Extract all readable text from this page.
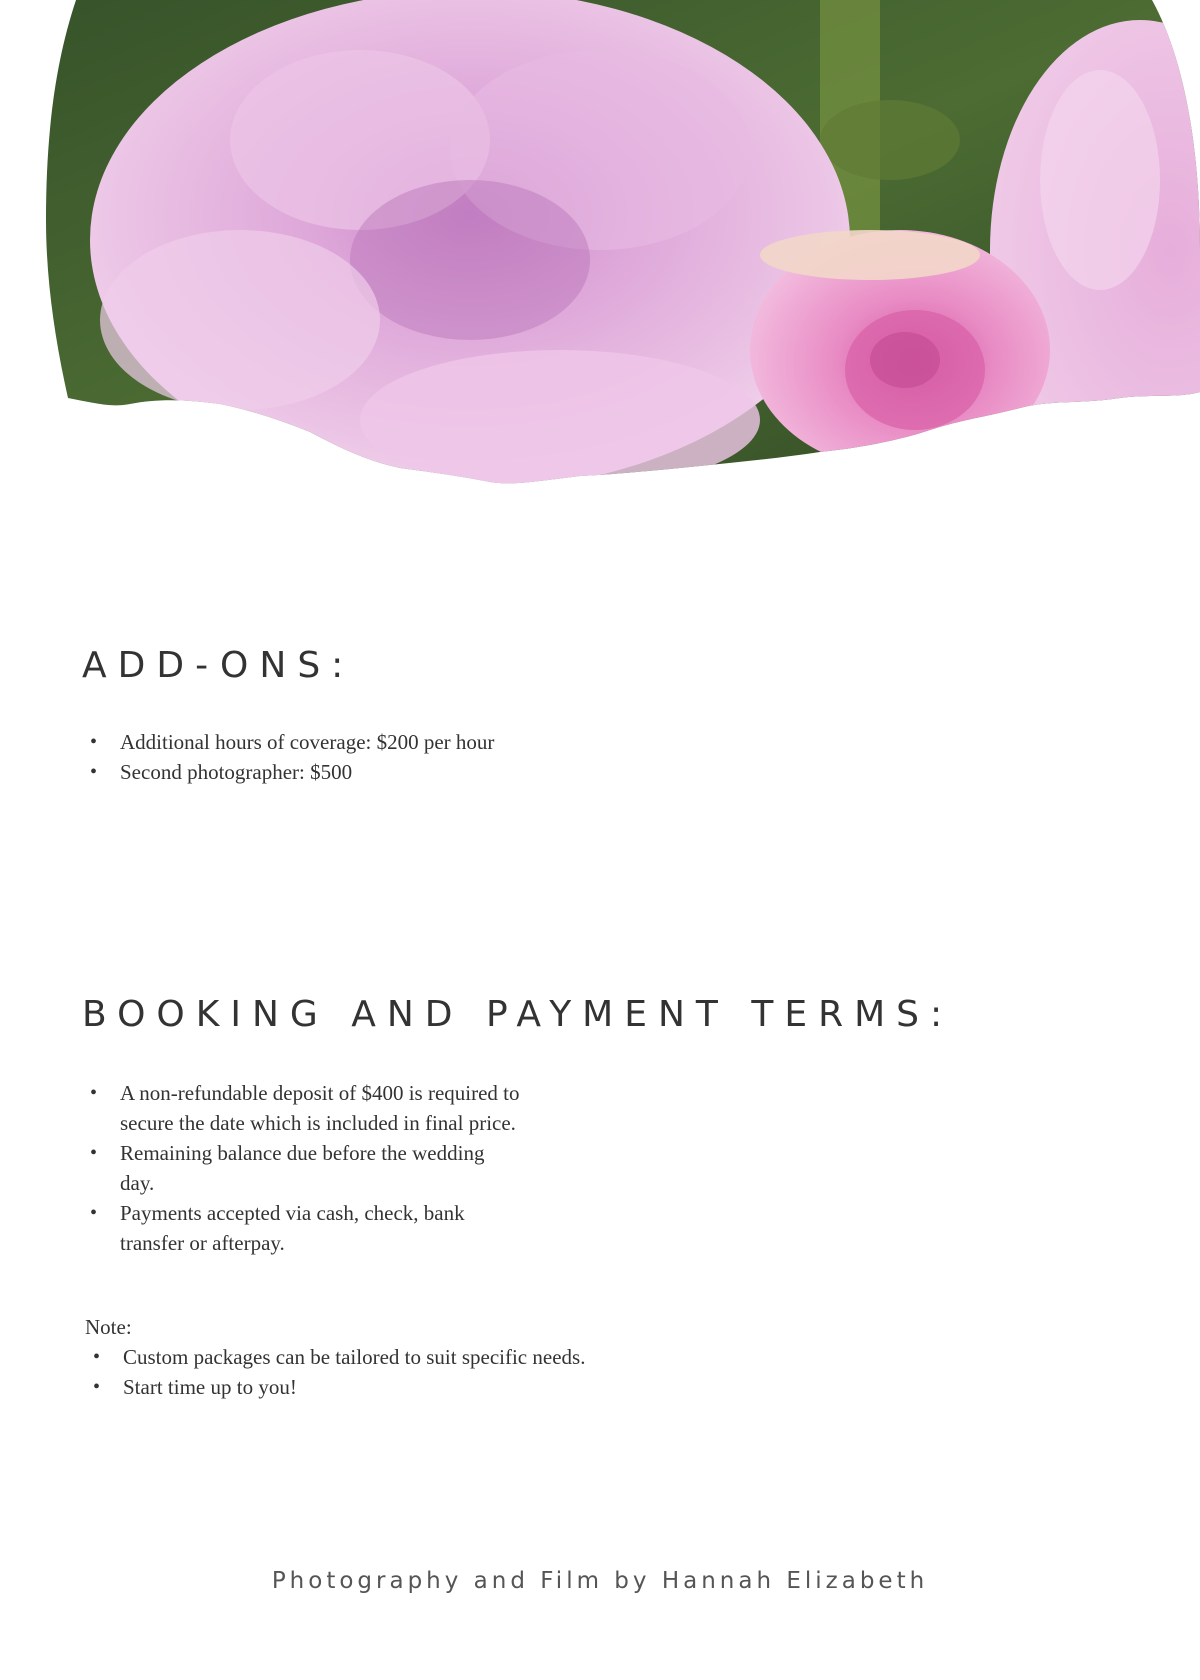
ADD-ONS:
• Additional hours of coverage: $200 per hour
• Second photographer: $500
BOOKING AND PAYMENT TERMS:
• A non-refundable deposit of $400 is required to secure the date which is included in final price.
• Remaining balance due before the wedding day.
• Payments accepted via cash, check, bank transfer or afterpay.
Note:
• Custom packages can be tailored to suit specific needs.
• Start time up to you!
Photography and Film by Hannah Elizabeth
